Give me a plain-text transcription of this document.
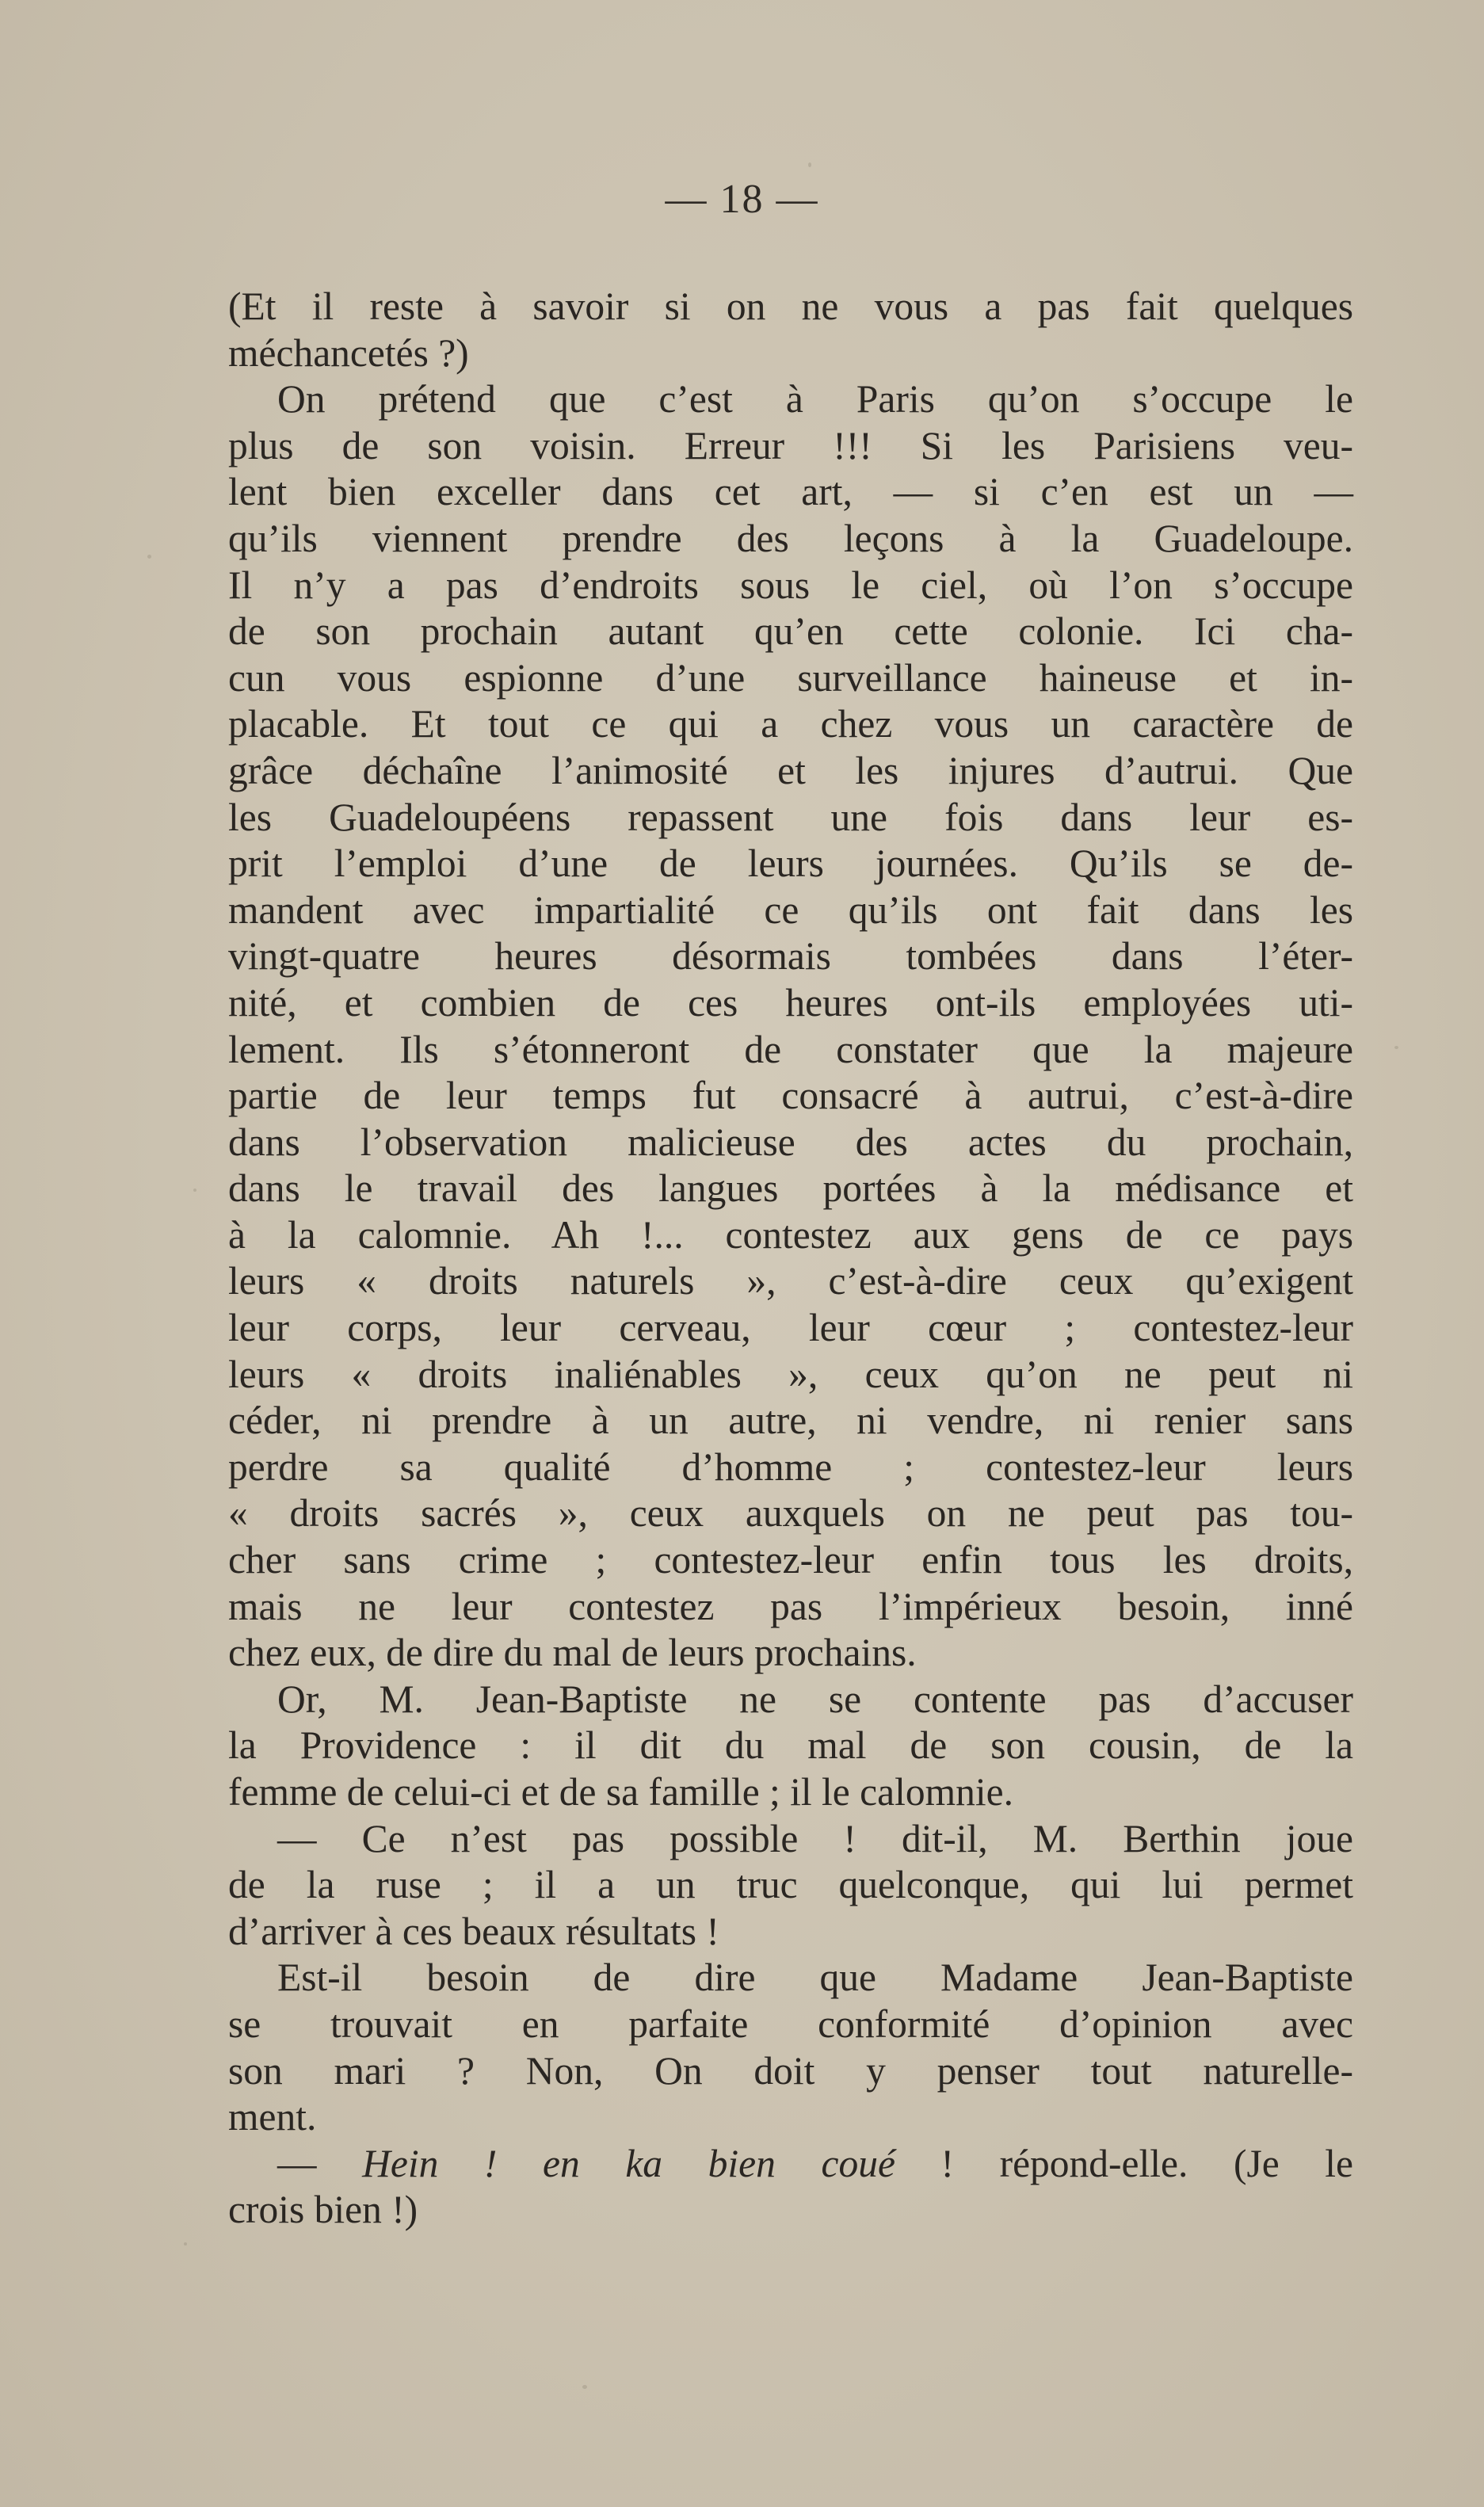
— 18 —
(Et il reste à savoir si on ne vous a pas fait quelques
méchancetés ?)
On prétend que c’est à Paris qu’on s’occupe le
plus de son voisin. Erreur !!! Si les Parisiens veu-
lent bien exceller dans cet art, — si c’en est un —
qu’ils viennent prendre des leçons à la Guadeloupe.
Il n’y a pas d’endroits sous le ciel, où l’on s’occupe
de son prochain autant qu’en cette colonie. Ici cha-
cun vous espionne d’une surveillance haineuse et in-
placable. Et tout ce qui a chez vous un caractère de
grâce déchaîne l’animosité et les injures d’autrui. Que
les Guadeloupéens repassent une fois dans leur es-
prit l’emploi d’une de leurs journées. Qu’ils se de-
mandent avec impartialité ce qu’ils ont fait dans les
vingt-quatre heures désormais tombées dans l’éter-
nité, et combien de ces heures ont-ils employées uti-
lement. Ils s’étonneront de constater que la majeure
partie de leur temps fut consacré à autrui, c’est-à-dire
dans l’observation malicieuse des actes du prochain,
dans le travail des langues portées à la médisance et
à la calomnie. Ah !... contestez aux gens de ce pays
leurs « droits naturels », c’est-à-dire ceux qu’exigent
leur corps, leur cerveau, leur cœur ; contestez-leur
leurs « droits inaliénables », ceux qu’on ne peut ni
céder, ni prendre à un autre, ni vendre, ni renier sans
perdre sa qualité d’homme ; contestez-leur leurs
« droits sacrés », ceux auxquels on ne peut pas tou-
cher sans crime ; contestez-leur enfin tous les droits,
mais ne leur contestez pas l’impérieux besoin, inné
chez eux, de dire du mal de leurs prochains.
Or, M. Jean-Baptiste ne se contente pas d’accuser
la Providence : il dit du mal de son cousin, de la
femme de celui-ci et de sa famille ; il le calomnie.
— Ce n’est pas possible ! dit-il, M. Berthin joue
de la ruse ; il a un truc quelconque, qui lui permet
d’arriver à ces beaux résultats !
Est-il besoin de dire que Madame Jean-Baptiste
se trouvait en parfaite conformité d’opinion avec
son mari ? Non, On doit y penser tout naturelle-
ment.
— Hein ! en ka bien coué ! répond-elle. (Je le
crois bien !)
